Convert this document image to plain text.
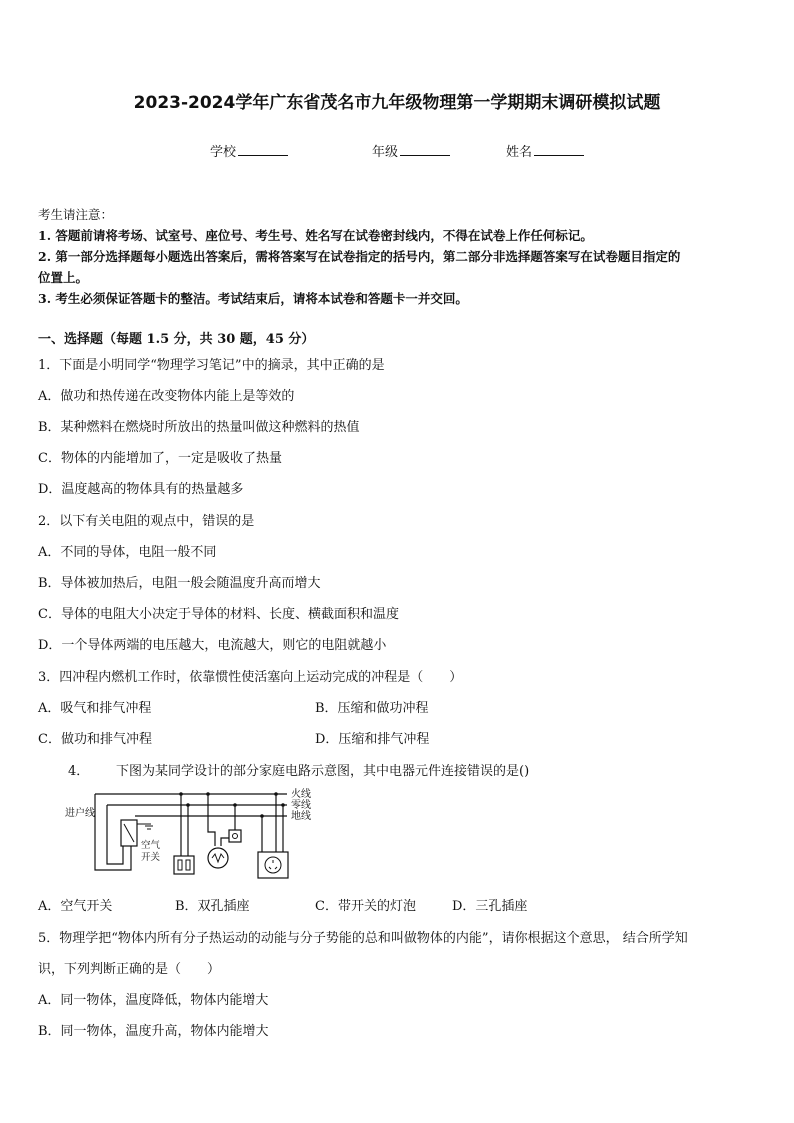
2023-2024学年广东省茂名市九年级物理第一学期期末调研模拟试题
学校	年级	姓名
考生请注意：
1. 答题前请将考场、试室号、座位号、考生号、姓名写在试卷密封线内，不得在试卷上作任何标记。
2. 第一部分选择题每小题选出答案后，需将答案写在试卷指定的括号内，第二部分非选择题答案写在试卷题目指定的
位置上。
3. 考生必须保证答题卡的整洁。考试结束后，请将本试卷和答题卡一并交回。
一、选择题（每题 1.5 分，共 30 题，45 分）
1．下面是小明同学“物理学习笔记”中的摘录，其中正确的是
A．做功和热传递在改变物体内能上是等效的
B．某种燃料在燃烧时所放出的热量叫做这种燃料的热值
C．物体的内能增加了，一定是吸收了热量
D．温度越高的物体具有的热量越多
2．以下有关电阻的观点中，错误的是
A．不同的导体，电阻一般不同
B．导体被加热后，电阻一般会随温度升高而增大
C．导体的电阻大小决定于导体的材料、长度、横截面积和温度
D．一个导体两端的电压越大，电流越大，则它的电阻就越小
3．四冲程内燃机工作时，依靠惯性使活塞向上运动完成的冲程是（　　）
A．吸气和排气冲程	B．压缩和做功冲程
C．做功和排气冲程	D．压缩和排气冲程
4． 下图为某同学设计的部分家庭电路示意图，其中电器元件连接错误的是()
火线
零线
地线
进户线
空气
开关
A．空气开关	B．双孔插座	C．带开关的灯泡	D．三孔插座
5．物理学把“物体内所有分子热运动的动能与分子势能的总和叫做物体的内能”，请你根据这个意思， 结合所学知
识，下列判断正确的是（　　）
A．同一物体，温度降低，物体内能增大
B．同一物体，温度升高，物体内能增大
